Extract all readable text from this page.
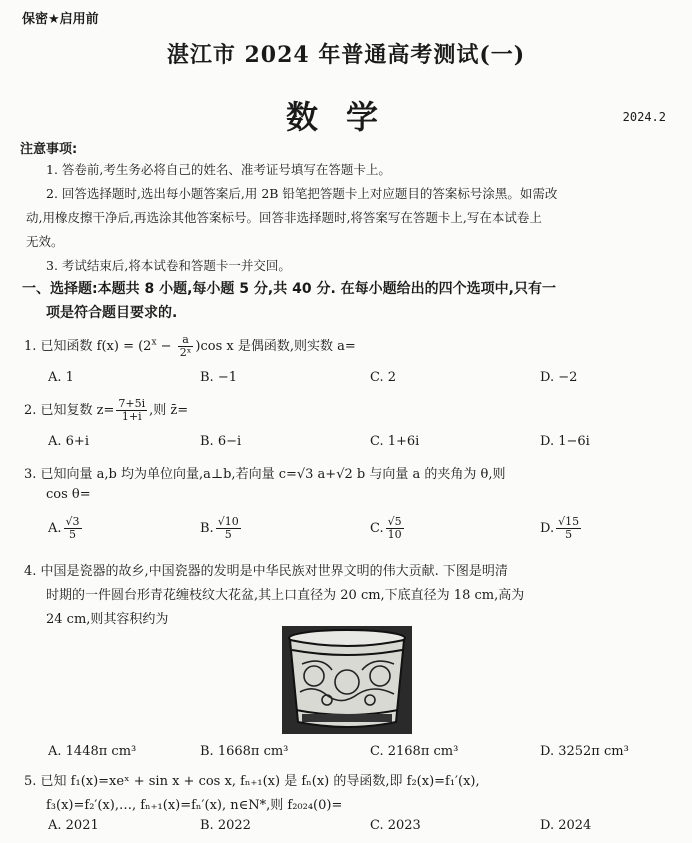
保密★启用前
湛江市 2024 年普通高考测试(一)
数学	2024.2
注意事项:
1. 答卷前,考生务必将自己的姓名、准考证号填写在答题卡上。
2. 回答选择题时,选出每小题答案后,用 2B 铅笔把答题卡上对应题目的答案标号涂黑。如需改
动,用橡皮擦干净后,再选涂其他答案标号。回答非选择题时,将答案写在答题卡上,写在本试卷上
无效。
3. 考试结束后,将本试卷和答题卡一并交回。
一、选择题:本题共 8 小题,每小题 5 分,共 40 分. 在每小题给出的四个选项中,只有一
项是符合题目要求的.
1. 已知函数 $f(x) = (2^x - \frac{a}{\text{2ˣ}} )\cos$ x 是偶函数,则实数 a=
A. 1	B. −1	C. 2	D. −2
2. 已知复数 $z= \frac{7+5i}{1+i}$ ,则 z̄=
A. 6+i	B. 6−i	C. 1+6i	D. 1−6i
3. 已知向量 a,b 均为单位向量,a⊥b,若向量 c=√3 a+√2 b 与向量 a 的夹角为 θ,则
cos θ=
A. $\frac{√3}{5}$	B. $\frac{√10}{5}$	C. $\frac{√5}{10}$	D. $\frac{√15}{5}$
4. 中国是瓷器的故乡,中国瓷器的发明是中华民族对世界文明的伟大贡献. 下图是明清
时期的一件圆台形青花缠枝纹大花盆,其上口直径为 20 cm,下底直径为 18 cm,高为
24 cm,则其容积约为
A. 1448π cm³	B. 1668π cm³	C. 2168π cm³	D. 3252π cm³
5. 已知 f₁(x)=xeˣ + sin x + cos x, fₙ₊₁(x) 是 fₙ(x) 的导函数,即 f₂(x)=f₁′(x),
f₃(x)=f₂′(x),…, fₙ₊₁(x)=fₙ′(x), n∈N*,则 f₂₀₂₄(0)=
A. 2021	B. 2022	C. 2023	D. 2024
